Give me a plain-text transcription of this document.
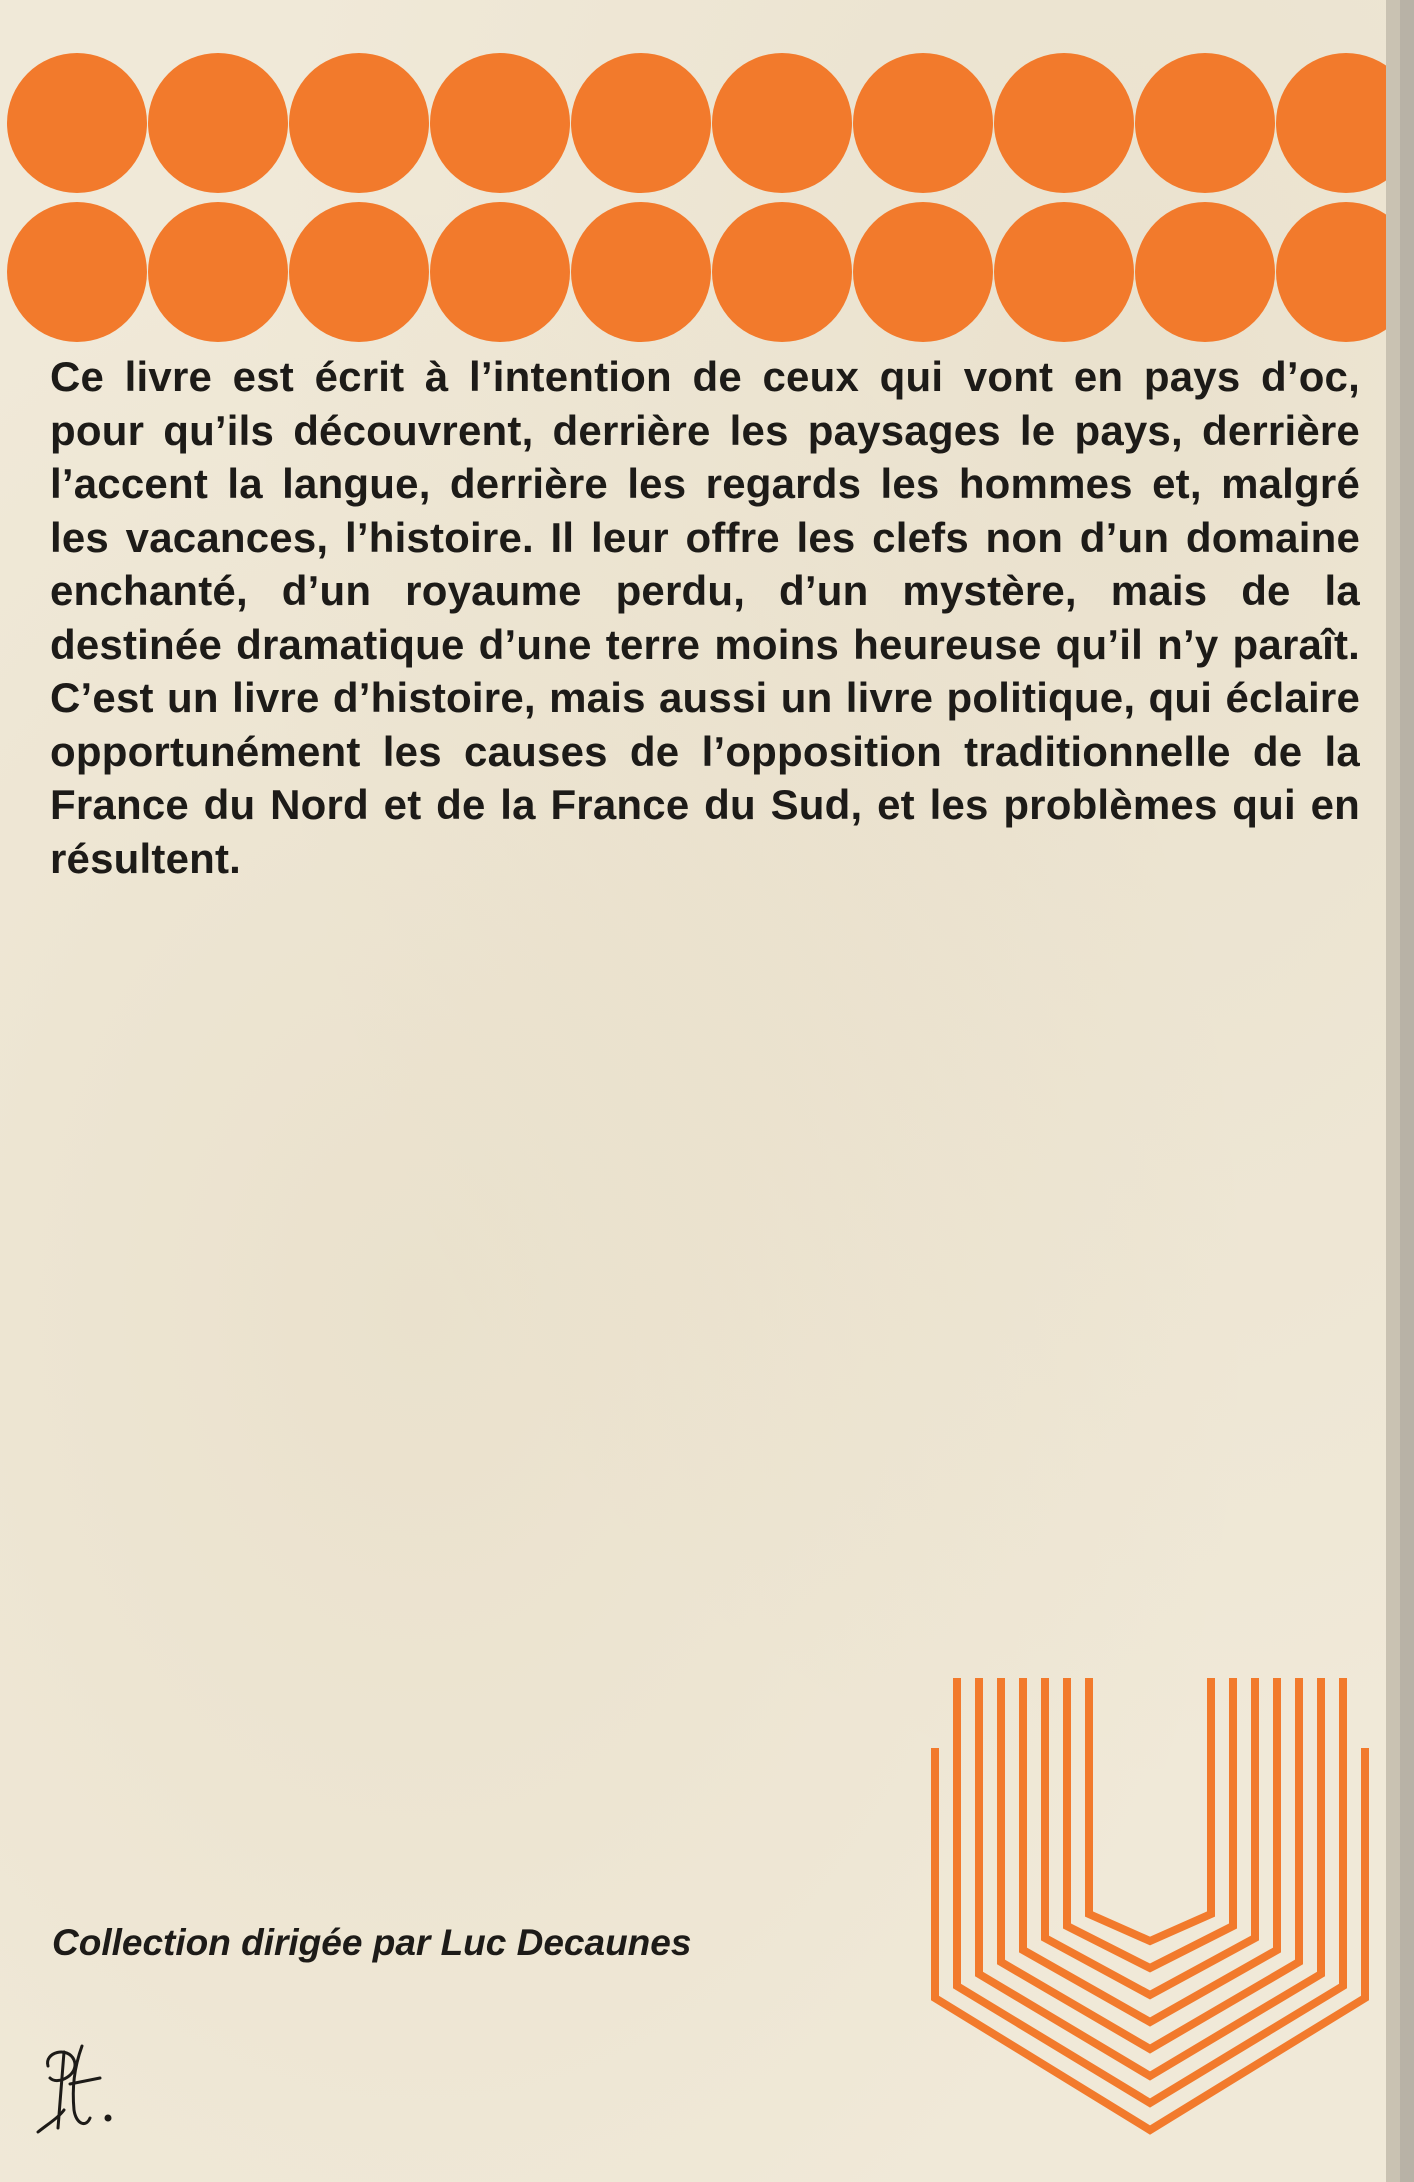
Ce livre est écrit à l’intention de ceux qui vont en pays d’oc, pour qu’ils découvrent, derrière les paysages le pays, derrière l’accent la langue, derrière les regards les hommes et, malgré les vacances, l’histoire. Il leur offre les clefs non d’un domaine enchanté, d’un royaume perdu, d’un mystère, mais de la destinée dramatique d’une terre moins heureuse qu’il n’y paraît. C’est un livre d’histoire, mais aussi un livre politique, qui éclaire opportunément les causes de l’opposition traditionnelle de la France du Nord et de la France du Sud, et les problèmes qui en résultent.

Collection dirigée par Luc Decaunes
